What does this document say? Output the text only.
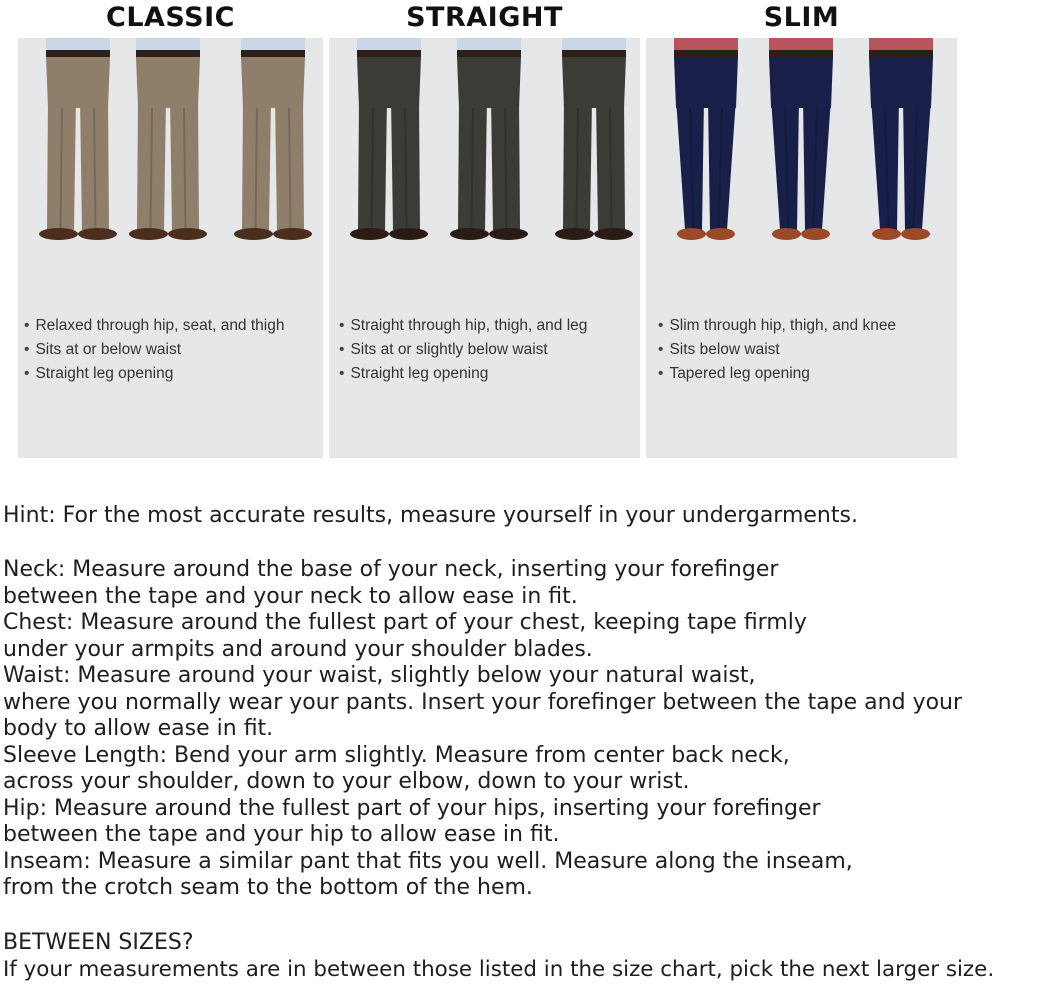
CLASSIC	STRAIGHT	SLIM
• Relaxed through hip, seat, and thigh
• Sits at or below waist
• Straight leg opening
• Straight through hip, thigh, and leg
• Sits at or slightly below waist
• Straight leg opening
• Slim through hip, thigh, and knee
• Sits below waist
• Tapered leg opening
Hint: For the most accurate results, measure yourself in your undergarments.
Neck: Measure around the base of your neck, inserting your forefinger
between the tape and your neck to allow ease in fit.
Chest: Measure around the fullest part of your chest, keeping tape firmly
under your armpits and around your shoulder blades.
Waist: Measure around your waist, slightly below your natural waist,
where you normally wear your pants. Insert your forefinger between the tape and your
body to allow ease in fit.
Sleeve Length: Bend your arm slightly. Measure from center back neck,
across your shoulder, down to your elbow, down to your wrist.
Hip: Measure around the fullest part of your hips, inserting your forefinger
between the tape and your hip to allow ease in fit.
Inseam: Measure a similar pant that fits you well. Measure along the inseam,
from the crotch seam to the bottom of the hem.
BETWEEN SIZES?
If your measurements are in between those listed in the size chart, pick the next larger size.
